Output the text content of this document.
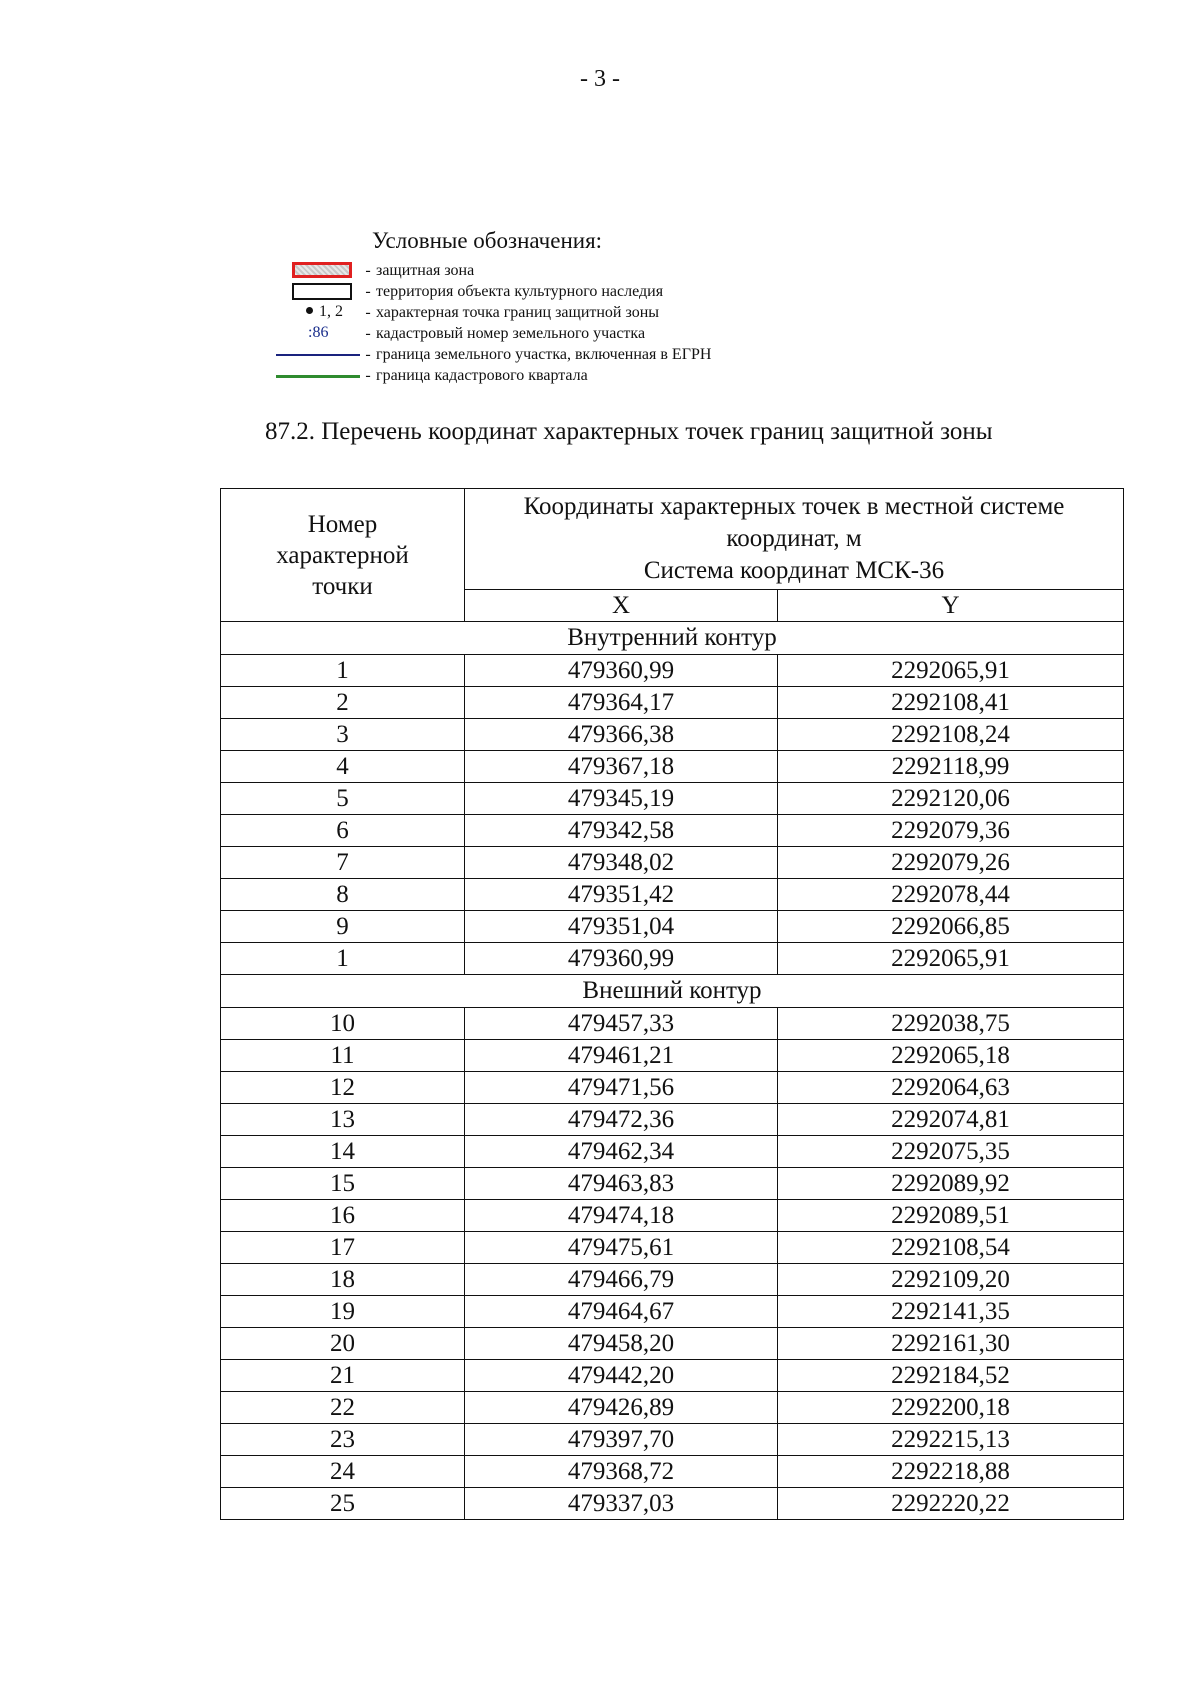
- 3 -
Условные обозначения:
- защитная зона
- территория объекта культурного наследия
1, 2	- характерная точка границ защитной зоны
:86	- кадастровый номер земельного участка
- граница земельного участка, включенная в ЕГРН
- граница кадастрового квартала
87.2. Перечень координат характерных точек границ защитной зоны
Номер характерной точки	Координаты характерных точек в местной системе координат, м
Система координат МСК-36	

	X	Y
Внутренний контур		
1	479360,99	2292065,91
2	479364,17	2292108,41
3	479366,38	2292108,24
4	479367,18	2292118,99
5	479345,19	2292120,06
6	479342,58	2292079,36
7	479348,02	2292079,26
8	479351,42	2292078,44
9	479351,04	2292066,85
1	479360,99	2292065,91
Внешний контур		
10	479457,33	2292038,75
11	479461,21	2292065,18
12	479471,56	2292064,63
13	479472,36	2292074,81
14	479462,34	2292075,35
15	479463,83	2292089,92
16	479474,18	2292089,51
17	479475,61	2292108,54
18	479466,79	2292109,20
19	479464,67	2292141,35
20	479458,20	2292161,30
21	479442,20	2292184,52
22	479426,89	2292200,18
23	479397,70	2292215,13
24	479368,72	2292218,88
25	479337,03	2292220,22
